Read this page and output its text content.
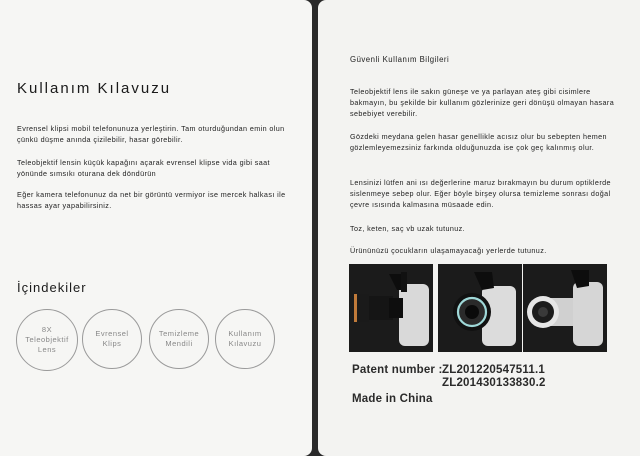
Kullanım Kılavuzu

Evrensel klipsi mobil telefonunuza yerleştirin. Tam oturduğundan emin olun çünkü düşme anında çizilebilir, hasar görebilir.

Teleobjektif lensin küçük kapağını açarak evrensel klipse vida gibi saat yönünde sımsıkı oturana dek döndürün

Eğer kamera telefonunuz da net bir görüntü vermiyor ise mercek halkası ile hassas ayar yapabilirsiniz.

İçindekiler
8X
Teleobjektif
Lens
Evrensel
Klips
Temizleme
Mendili
Kullanım
Kılavuzu
Güvenli Kullanım Bilgileri

Teleobjektif lens ile sakın güneşe ve ya parlayan ateş gibi cisimlere bakmayın, bu şekilde bir kullanım gözlerinize geri dönüşü olmayan hasara sebebiyet verebilir.

Gözdeki meydana gelen hasar genellikle acısız olur bu sebepten hemen gözlemleyemezsiniz farkında olduğunuzda ise çok geç kalınmış olur.

Lensinizi lütfen ani ısı değerlerine maruz bırakmayın bu durum optiklerde sislenmeye sebep olur. Eğer böyle birşey olursa temizleme sonrası doğal çevre ısısında kalmasına müsaade edin.

Toz, keten, saç vb uzak tutunuz.

Ürününüzü çocukların ulaşamayacağı yerlerde tutunuz.

Patent number :ZL201220547511.1
ZL201430133830.2
Made in China
